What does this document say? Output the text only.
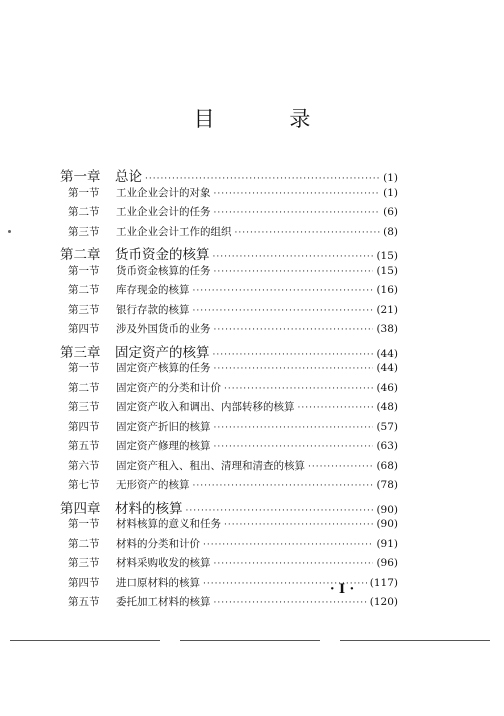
目 录
第一章	总论 ·····	(1)
第一节	工业企业会计的对象 ·····	(1)
第二节	工业企业会计的任务 ·····	(6)
第三节	工业企业会计工作的组织 ·····	(8)
第二章	货币资金的核算 ·····	(15)
第一节	货币资金核算的任务 ·····	(15)
第二节	库存现金的核算 ·····	(16)
第三节	银行存款的核算 ·····	(21)
第四节	涉及外国货币的业务 ·····	(38)
第三章	固定资产的核算 ·····	(44)
第一节	固定资产核算的任务 ·····	(44)
第二节	固定资产的分类和计价 ·····	(46)
第三节	固定资产收入和调出、内部转移的核算 ·····	(48)
第四节	固定资产折旧的核算 ·····	(57)
第五节	固定资产修理的核算 ·····	(63)
第六节	固定资产租入、租出、清理和清查的核算 ·····	(68)
第七节	无形资产的核算 ·····	(78)
第四章	材料的核算 ·····	(90)
第一节	材料核算的意义和任务 ·····	(90)
第二节	材料的分类和计价 ·····	(91)
第三节	材料采购收发的核算 ·····	(96)
第四节	进口原材料的核算 ·····	(117)
第五节	委托加工材料的核算 ·····	(120)
· I ·
